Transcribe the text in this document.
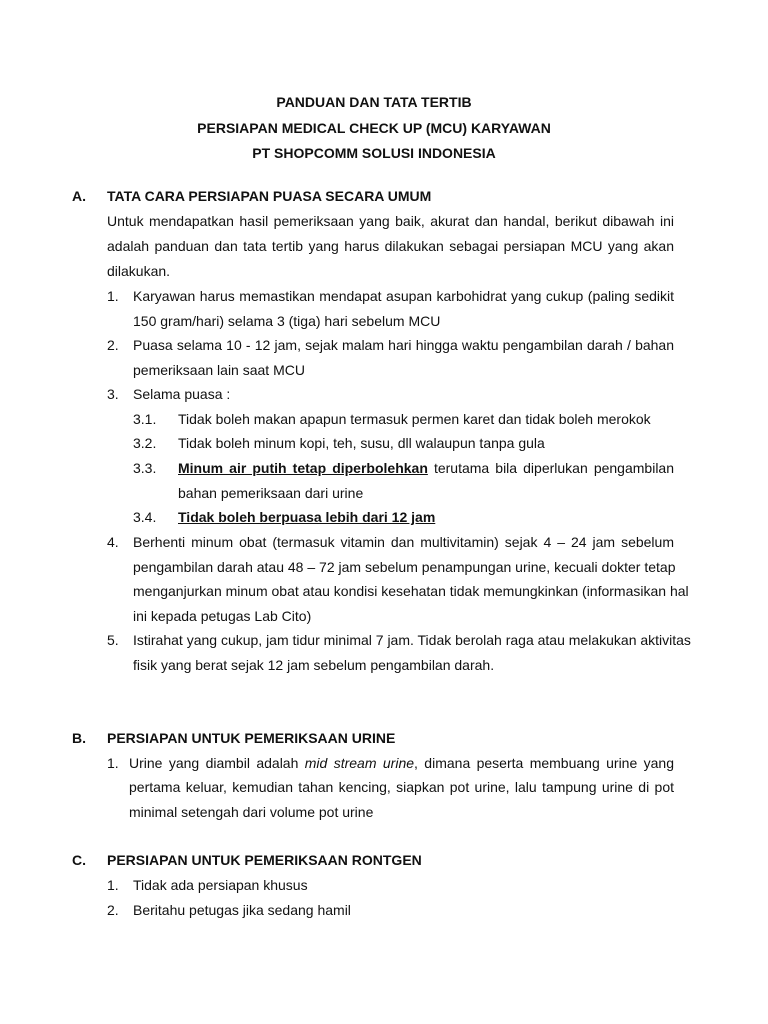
PANDUAN DAN TATA TERTIB
PERSIAPAN MEDICAL CHECK UP (MCU) KARYAWAN
PT SHOPCOMM SOLUSI INDONESIA
A. TATA CARA PERSIAPAN PUASA SECARA UMUM
Untuk mendapatkan hasil pemeriksaan yang baik, akurat dan handal, berikut dibawah ini
adalah panduan dan tata tertib yang harus dilakukan sebagai persiapan MCU yang akan
dilakukan.
1. Karyawan harus memastikan mendapat asupan karbohidrat yang cukup (paling sedikit
150 gram/hari) selama 3 (tiga) hari sebelum MCU
2. Puasa selama 10 - 12 jam, sejak malam hari hingga waktu pengambilan darah / bahan
pemeriksaan lain saat MCU
3. Selama puasa :
3.1. Tidak boleh makan apapun termasuk permen karet dan tidak boleh merokok
3.2. Tidak boleh minum kopi, teh, susu, dll walaupun tanpa gula
3.3. Minum air putih tetap diperbolehkan terutama bila diperlukan pengambilan
bahan pemeriksaan dari urine
3.4. Tidak boleh berpuasa lebih dari 12 jam
4. Berhenti minum obat (termasuk vitamin dan multivitamin) sejak 4 – 24 jam sebelum
pengambilan darah atau 48 – 72 jam sebelum penampungan urine, kecuali dokter tetap
menganjurkan minum obat atau kondisi kesehatan tidak memungkinkan (informasikan hal
ini kepada petugas Lab Cito)
5. Istirahat yang cukup, jam tidur minimal 7 jam. Tidak berolah raga atau melakukan aktivitas
fisik yang berat sejak 12 jam sebelum pengambilan darah.
B. PERSIAPAN UNTUK PEMERIKSAAN URINE
1. Urine yang diambil adalah mid stream urine, dimana peserta membuang urine yang
pertama keluar, kemudian tahan kencing, siapkan pot urine, lalu tampung urine di pot
minimal setengah dari volume pot urine
C. PERSIAPAN UNTUK PEMERIKSAAN RONTGEN
1. Tidak ada persiapan khusus
2. Beritahu petugas jika sedang hamil
